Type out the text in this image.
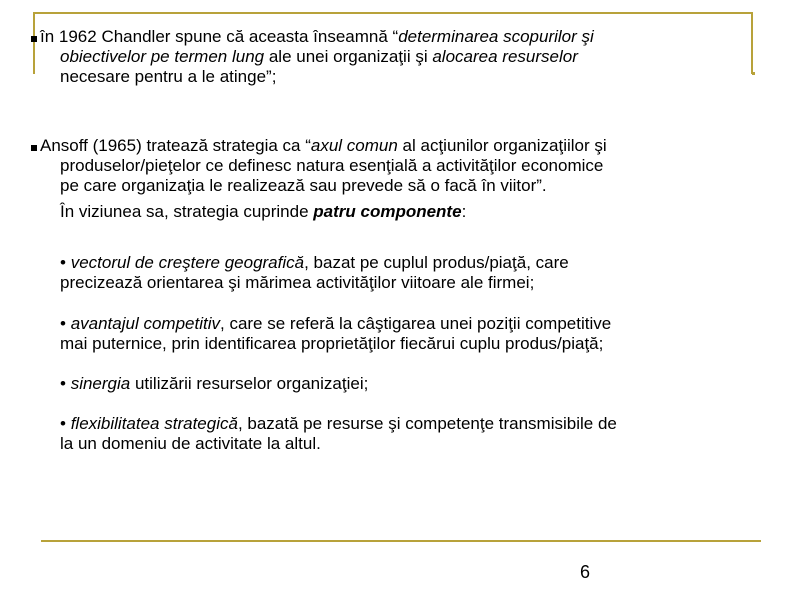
în 1962 Chandler spune că aceasta înseamnă “determinarea scopurilor şi
obiectivelor pe termen lung ale unei organizaţii şi alocarea resurselor
necesare pentru a le atinge”;

Ansoff (1965) tratează strategia ca “axul comun al acţiunilor organizaţiilor şi
produselor/pieţelor ce definesc natura esenţială a activităţilor economice
pe care organizaţia le realizează sau prevede să o facă în viitor”.

În viziunea sa, strategia cuprinde patru componente:

• vectorul de creştere geografică, bazat pe cuplul produs/piaţă, care
precizează orientarea şi mărimea activităţilor viitoare ale firmei;

• avantajul competitiv, care se referă la câştigarea unei poziţii competitive
mai puternice, prin identificarea proprietăţilor fiecărui cuplu produs/piaţă;

• sinergia utilizării resurselor organizaţiei;

• flexibilitatea strategică, bazată pe resurse şi competenţe transmisibile de
la un domeniu de activitate la altul.

6
